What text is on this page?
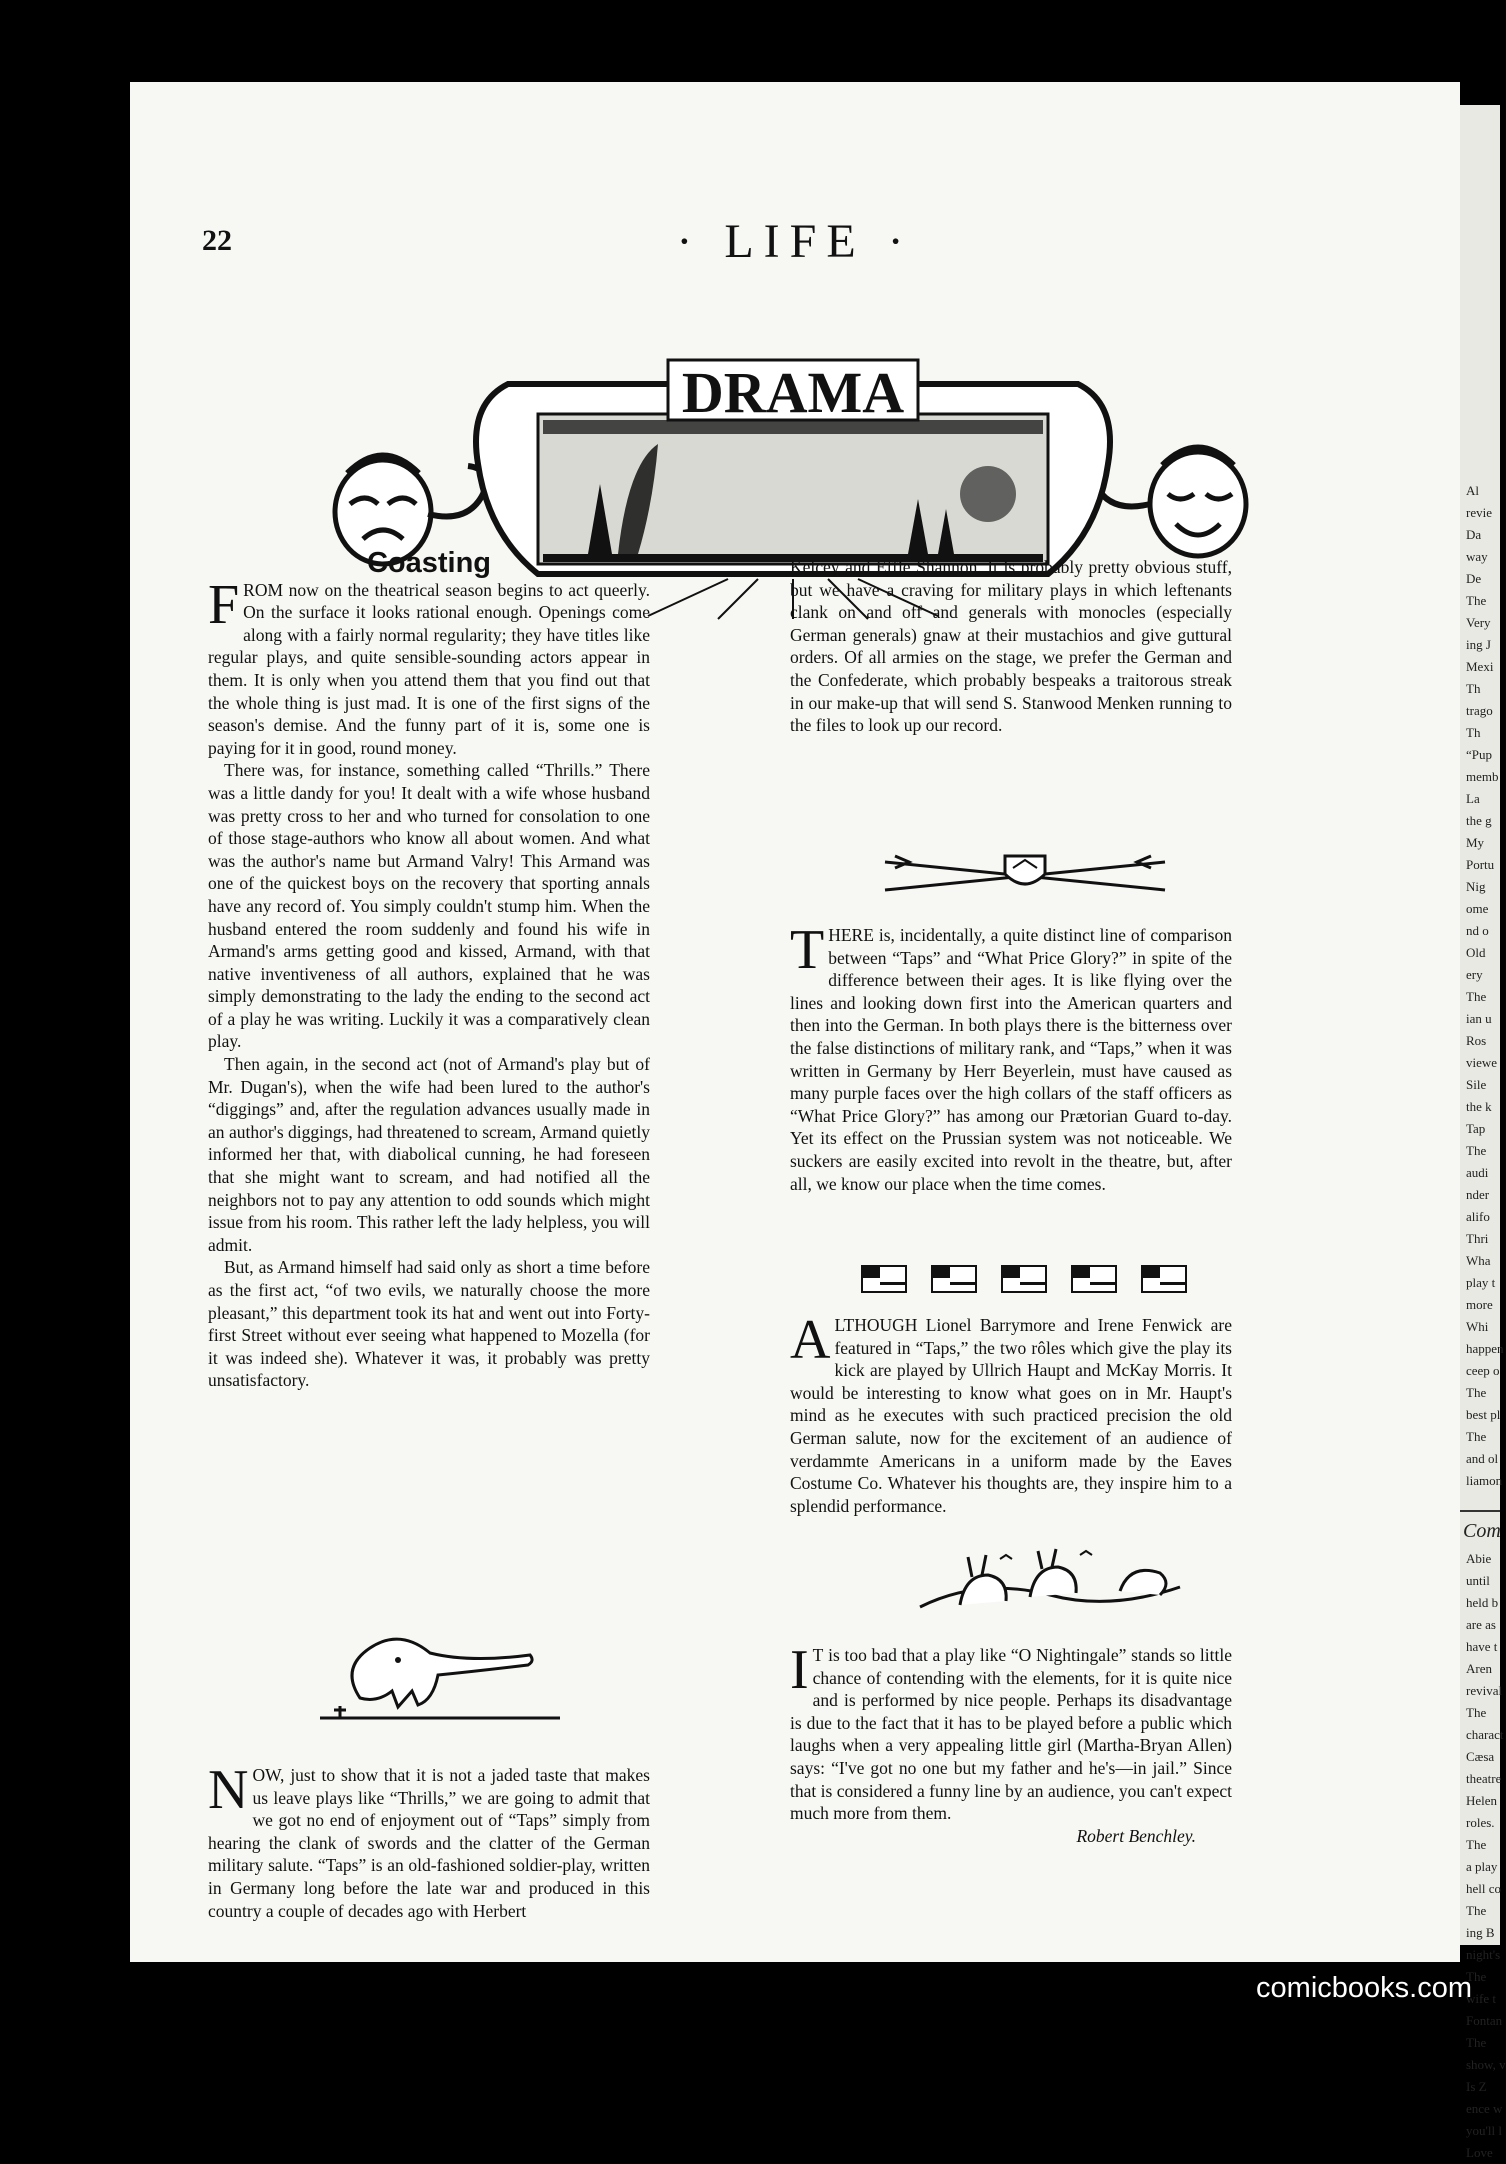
22	· LIFE ·
DRAMA
Coasting

FROM now on the theatrical season begins to act queerly. On the surface it looks rational enough. Openings come along with a fairly normal regularity; they have titles like regular plays, and quite sensible-sounding actors appear in them. It is only when you attend them that you find out that the whole thing is just mad. It is one of the first signs of the season's demise. And the funny part of it is, some one is paying for it in good, round money.

There was, for instance, something called “Thrills.” There was a little dandy for you! It dealt with a wife whose husband was pretty cross to her and who turned for consolation to one of those stage-authors who know all about women. And what was the author's name but Armand Valry! This Armand was one of the quickest boys on the recovery that sporting annals have any record of. You simply couldn't stump him. When the husband entered the room suddenly and found his wife in Armand's arms getting good and kissed, Armand, with that native inventiveness of all authors, explained that he was simply demonstrating to the lady the ending to the second act of a play he was writing. Luckily it was a comparatively clean play.

Then again, in the second act (not of Armand's play but of Mr. Dugan's), when the wife had been lured to the author's “diggings” and, after the regulation advances usually made in an author's diggings, had threatened to scream, Armand quietly informed her that, with diabolical cunning, he had foreseen that she might want to scream, and had notified all the neighbors not to pay any attention to odd sounds which might issue from his room. This rather left the lady helpless, you will admit.

But, as Armand himself had said only as short a time before as the first act, “of two evils, we naturally choose the more pleasant,” this department took its hat and went out into Forty-first Street without ever seeing what happened to Mozella (for it was indeed she). Whatever it was, it probably was pretty unsatisfactory.

NOW, just to show that it is not a jaded taste that makes us leave plays like “Thrills,” we are going to admit that we got no end of enjoyment out of “Taps” simply from hearing the clank of swords and the clatter of the German military salute. “Taps” is an old-fashioned soldier-play, written in Germany long before the late war and produced in this country a couple of decades ago with Herbert

Kelcey and Effie Shannon. It is probably pretty obvious stuff, but we have a craving for military plays in which leftenants clank on and off and generals with monocles (especially German generals) gnaw at their mustachios and give guttural orders. Of all armies on the stage, we prefer the German and the Confederate, which probably bespeaks a traitorous streak in our make-up that will send S. Stanwood Menken running to the files to look up our record.

THERE is, incidentally, a quite distinct line of comparison between “Taps” and “What Price Glory?” in spite of the difference between their ages. It is like flying over the lines and looking down first into the American quarters and then into the German. In both plays there is the bitterness over the false distinctions of military rank, and “Taps,” when it was written in Germany by Herr Beyerlein, must have caused as many purple faces over the high collars of the staff officers as “What Price Glory?” has among our Prætorian Guard to-day. Yet its effect on the Prussian system was not noticeable. We suckers are easily excited into revolt in the theatre, but, after all, we know our place when the time comes.

ALTHOUGH Lionel Barrymore and Irene Fenwick are featured in “Taps,” the two rôles which give the play its kick are played by Ullrich Haupt and McKay Morris. It would be interesting to know what goes on in Mr. Haupt's mind as he executes with such practiced precision the old German salute, now for the excitement of an audience of verdammte Americans in a uniform made by the Eaves Costume Co. Whatever his thoughts are, they inspire him to a splendid performance.

I T is too bad that a play like “O Nightingale” stands so little chance of contending with the elements, for it is quite nice and is performed by nice people. Perhaps its disadvantage is due to the fact that it has to be played before a public which laughs when a very appealing little girl (Martha-Bryan Allen) says: “I've got no one but my father and he's—in jail.” Since that is considered a funny line by an audience, you can't expect much more from them.

Robert Benchley.
Al
revie
Da
way
De
The
Very
ing J
Mexi
Th
trago
Th
“Pup
memb
La
the g
My
Portu
Nig
ome
nd o
Old
ery
The
ian u
Ros
viewe
Sile
the k
Tap
The
audi
nder
alifo
Thri
Wha
play t
more
Whi
happen
ceep o
The
best pl
The
and ol
liamon
Com
Abie
until
held b
are as
have t
Aren
revival
The
charact
Cæsa
theatre
Helen
roles.
The
a play
hell co
The
ing B
night's
The
wife t
Fontan
The
show, v
Is Z
ence w
you'll l
Love
comicbooks.com
